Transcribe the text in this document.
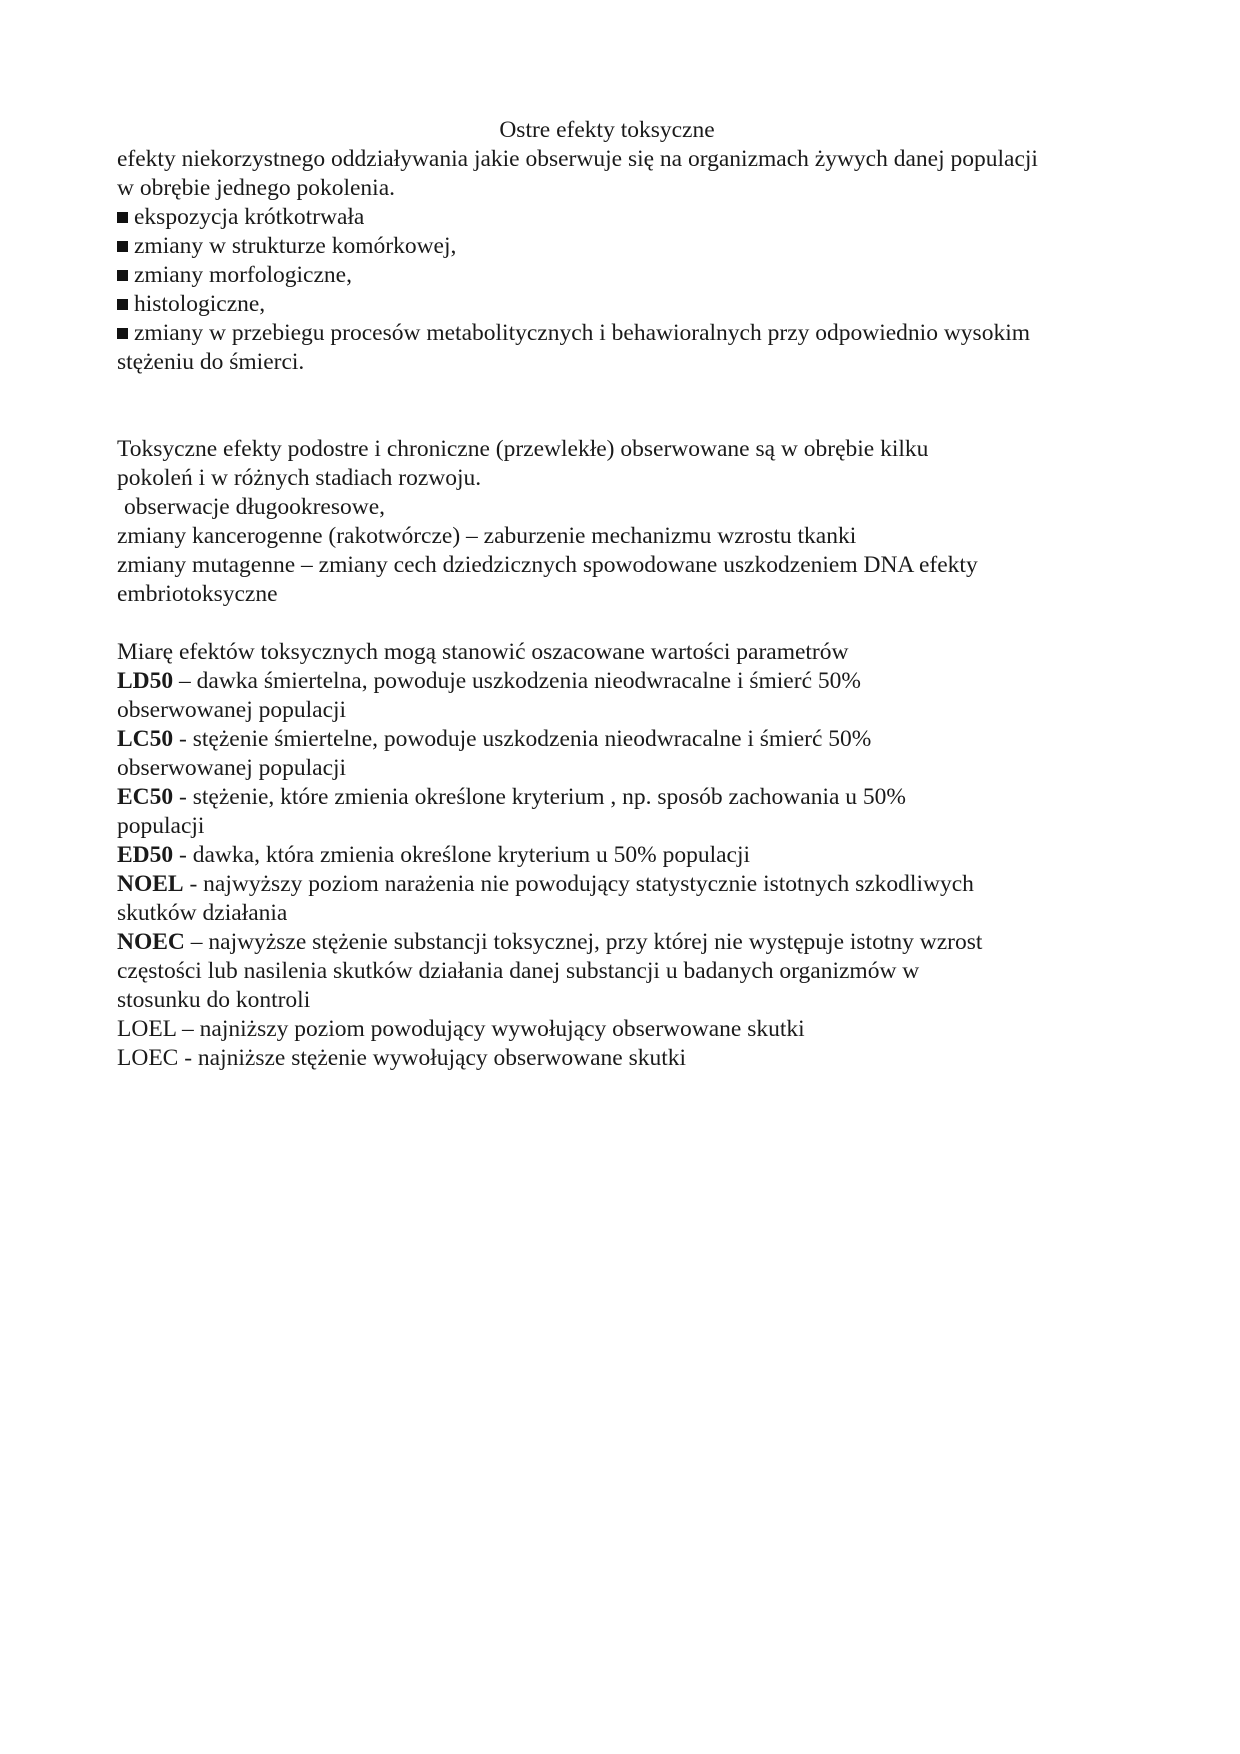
Ostre efekty toksyczne

efekty niekorzystnego oddziaływania jakie obserwuje się na organizmach żywych danej populacji
w obrębie jednego pokolenia.

ekspozycja krótkotrwała
zmiany w strukturze komórkowej,
zmiany morfologiczne,
histologiczne,
zmiany w przebiegu procesów metabolitycznych i behawioralnych przy odpowiednio wysokim
stężeniu do śmierci.

Toksyczne efekty podostre i chroniczne (przewlekłe) obserwowane są w obrębie kilku
pokoleń i w różnych stadiach rozwoju.
obserwacje długookresowe,
zmiany kancerogenne (rakotwórcze) – zaburzenie mechanizmu wzrostu tkanki
zmiany mutagenne – zmiany cech dziedzicznych spowodowane uszkodzeniem DNA efekty
embriotoksyczne

Miarę efektów toksycznych mogą stanowić oszacowane wartości parametrów
LD50 – dawka śmiertelna, powoduje uszkodzenia nieodwracalne i śmierć 50%
obserwowanej populacji
LC50 - stężenie śmiertelne, powoduje uszkodzenia nieodwracalne i śmierć 50%
obserwowanej populacji
EC50 - stężenie, które zmienia określone kryterium , np. sposób zachowania u 50%
populacji
ED50 - dawka, która zmienia określone kryterium u 50% populacji
NOEL - najwyższy poziom narażenia nie powodujący statystycznie istotnych szkodliwych
skutków działania
NOEC – najwyższe stężenie substancji toksycznej, przy której nie występuje istotny wzrost
częstości lub nasilenia skutków działania danej substancji u badanych organizmów w
stosunku do kontroli
LOEL – najniższy poziom powodujący wywołujący obserwowane skutki
LOEC - najniższe stężenie wywołujący obserwowane skutki
